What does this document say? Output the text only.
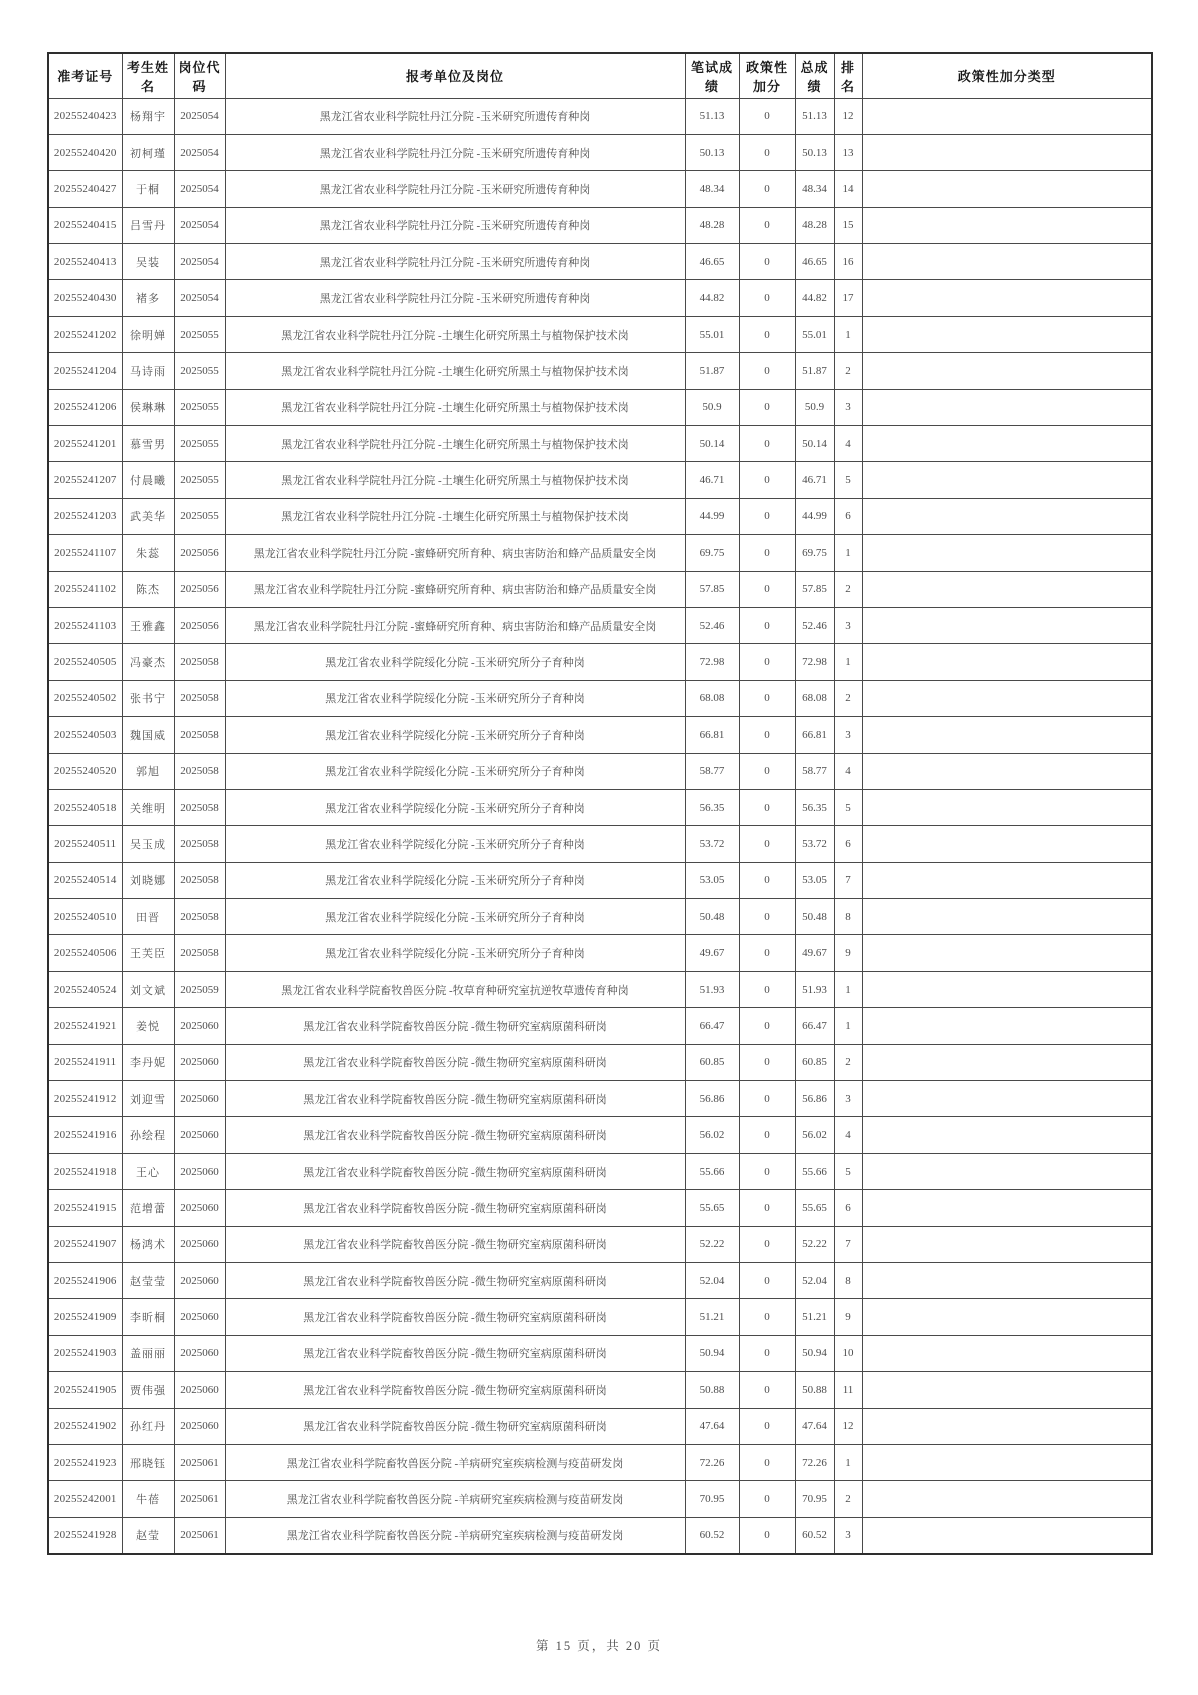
准考证号	考生姓名	岗位代码	报考单位及岗位	笔试成绩	政策性加分	总成绩	排名	政策性加分类型
20255240423	杨翔宇	2025054	黑龙江省农业科学院牡丹江分院 -玉米研究所遗传育种岗	51.13	0	51.13	12	
20255240420	初柯瑾	2025054	黑龙江省农业科学院牡丹江分院 -玉米研究所遗传育种岗	50.13	0	50.13	13	
20255240427	于桐	2025054	黑龙江省农业科学院牡丹江分院 -玉米研究所遗传育种岗	48.34	0	48.34	14	
20255240415	吕雪丹	2025054	黑龙江省农业科学院牡丹江分院 -玉米研究所遗传育种岗	48.28	0	48.28	15	
20255240413	吴装	2025054	黑龙江省农业科学院牡丹江分院 -玉米研究所遗传育种岗	46.65	0	46.65	16	
20255240430	褚多	2025054	黑龙江省农业科学院牡丹江分院 -玉米研究所遗传育种岗	44.82	0	44.82	17	
20255241202	徐明婵	2025055	黑龙江省农业科学院牡丹江分院 -土壤生化研究所黑土与植物保护技术岗	55.01	0	55.01	1	
20255241204	马诗雨	2025055	黑龙江省农业科学院牡丹江分院 -土壤生化研究所黑土与植物保护技术岗	51.87	0	51.87	2	
20255241206	侯琳琳	2025055	黑龙江省农业科学院牡丹江分院 -土壤生化研究所黑土与植物保护技术岗	50.9	0	50.9	3	
20255241201	慕雪男	2025055	黑龙江省农业科学院牡丹江分院 -土壤生化研究所黑土与植物保护技术岗	50.14	0	50.14	4	
20255241207	付晨曦	2025055	黑龙江省农业科学院牡丹江分院 -土壤生化研究所黑土与植物保护技术岗	46.71	0	46.71	5	
20255241203	武美华	2025055	黑龙江省农业科学院牡丹江分院 -土壤生化研究所黑土与植物保护技术岗	44.99	0	44.99	6	
20255241107	朱蕊	2025056	黑龙江省农业科学院牡丹江分院 -蜜蜂研究所育种、病虫害防治和蜂产品质量安全岗	69.75	0	69.75	1	
20255241102	陈杰	2025056	黑龙江省农业科学院牡丹江分院 -蜜蜂研究所育种、病虫害防治和蜂产品质量安全岗	57.85	0	57.85	2	
20255241103	王雅鑫	2025056	黑龙江省农业科学院牡丹江分院 -蜜蜂研究所育种、病虫害防治和蜂产品质量安全岗	52.46	0	52.46	3	
20255240505	冯豪杰	2025058	黑龙江省农业科学院绥化分院 -玉米研究所分子育种岗	72.98	0	72.98	1	
20255240502	张书宁	2025058	黑龙江省农业科学院绥化分院 -玉米研究所分子育种岗	68.08	0	68.08	2	
20255240503	魏国威	2025058	黑龙江省农业科学院绥化分院 -玉米研究所分子育种岗	66.81	0	66.81	3	
20255240520	郭旭	2025058	黑龙江省农业科学院绥化分院 -玉米研究所分子育种岗	58.77	0	58.77	4	
20255240518	关维明	2025058	黑龙江省农业科学院绥化分院 -玉米研究所分子育种岗	56.35	0	56.35	5	
20255240511	吴玉成	2025058	黑龙江省农业科学院绥化分院 -玉米研究所分子育种岗	53.72	0	53.72	6	
20255240514	刘晓娜	2025058	黑龙江省农业科学院绥化分院 -玉米研究所分子育种岗	53.05	0	53.05	7	
20255240510	田晋	2025058	黑龙江省农业科学院绥化分院 -玉米研究所分子育种岗	50.48	0	50.48	8	
20255240506	王芙臣	2025058	黑龙江省农业科学院绥化分院 -玉米研究所分子育种岗	49.67	0	49.67	9	
20255240524	刘文斌	2025059	黑龙江省农业科学院畜牧兽医分院 -牧草育种研究室抗逆牧草遗传育种岗	51.93	0	51.93	1	
20255241921	姜悦	2025060	黑龙江省农业科学院畜牧兽医分院 -微生物研究室病原菌科研岗	66.47	0	66.47	1	
20255241911	李丹妮	2025060	黑龙江省农业科学院畜牧兽医分院 -微生物研究室病原菌科研岗	60.85	0	60.85	2	
20255241912	刘迎雪	2025060	黑龙江省农业科学院畜牧兽医分院 -微生物研究室病原菌科研岗	56.86	0	56.86	3	
20255241916	孙绘程	2025060	黑龙江省农业科学院畜牧兽医分院 -微生物研究室病原菌科研岗	56.02	0	56.02	4	
20255241918	王心	2025060	黑龙江省农业科学院畜牧兽医分院 -微生物研究室病原菌科研岗	55.66	0	55.66	5	
20255241915	范增蕾	2025060	黑龙江省农业科学院畜牧兽医分院 -微生物研究室病原菌科研岗	55.65	0	55.65	6	
20255241907	杨鸿术	2025060	黑龙江省农业科学院畜牧兽医分院 -微生物研究室病原菌科研岗	52.22	0	52.22	7	
20255241906	赵莹莹	2025060	黑龙江省农业科学院畜牧兽医分院 -微生物研究室病原菌科研岗	52.04	0	52.04	8	
20255241909	李昕桐	2025060	黑龙江省农业科学院畜牧兽医分院 -微生物研究室病原菌科研岗	51.21	0	51.21	9	
20255241903	盖丽丽	2025060	黑龙江省农业科学院畜牧兽医分院 -微生物研究室病原菌科研岗	50.94	0	50.94	10	
20255241905	贾伟强	2025060	黑龙江省农业科学院畜牧兽医分院 -微生物研究室病原菌科研岗	50.88	0	50.88	11	
20255241902	孙红丹	2025060	黑龙江省农业科学院畜牧兽医分院 -微生物研究室病原菌科研岗	47.64	0	47.64	12	
20255241923	邢晓钰	2025061	黑龙江省农业科学院畜牧兽医分院 -羊病研究室疾病检测与疫苗研发岗	72.26	0	72.26	1	
20255242001	牛蓓	2025061	黑龙江省农业科学院畜牧兽医分院 -羊病研究室疾病检测与疫苗研发岗	70.95	0	70.95	2	
20255241928	赵莹	2025061	黑龙江省农业科学院畜牧兽医分院 -羊病研究室疾病检测与疫苗研发岗	60.52	0	60.52	3	
第 15 页，共 20 页
